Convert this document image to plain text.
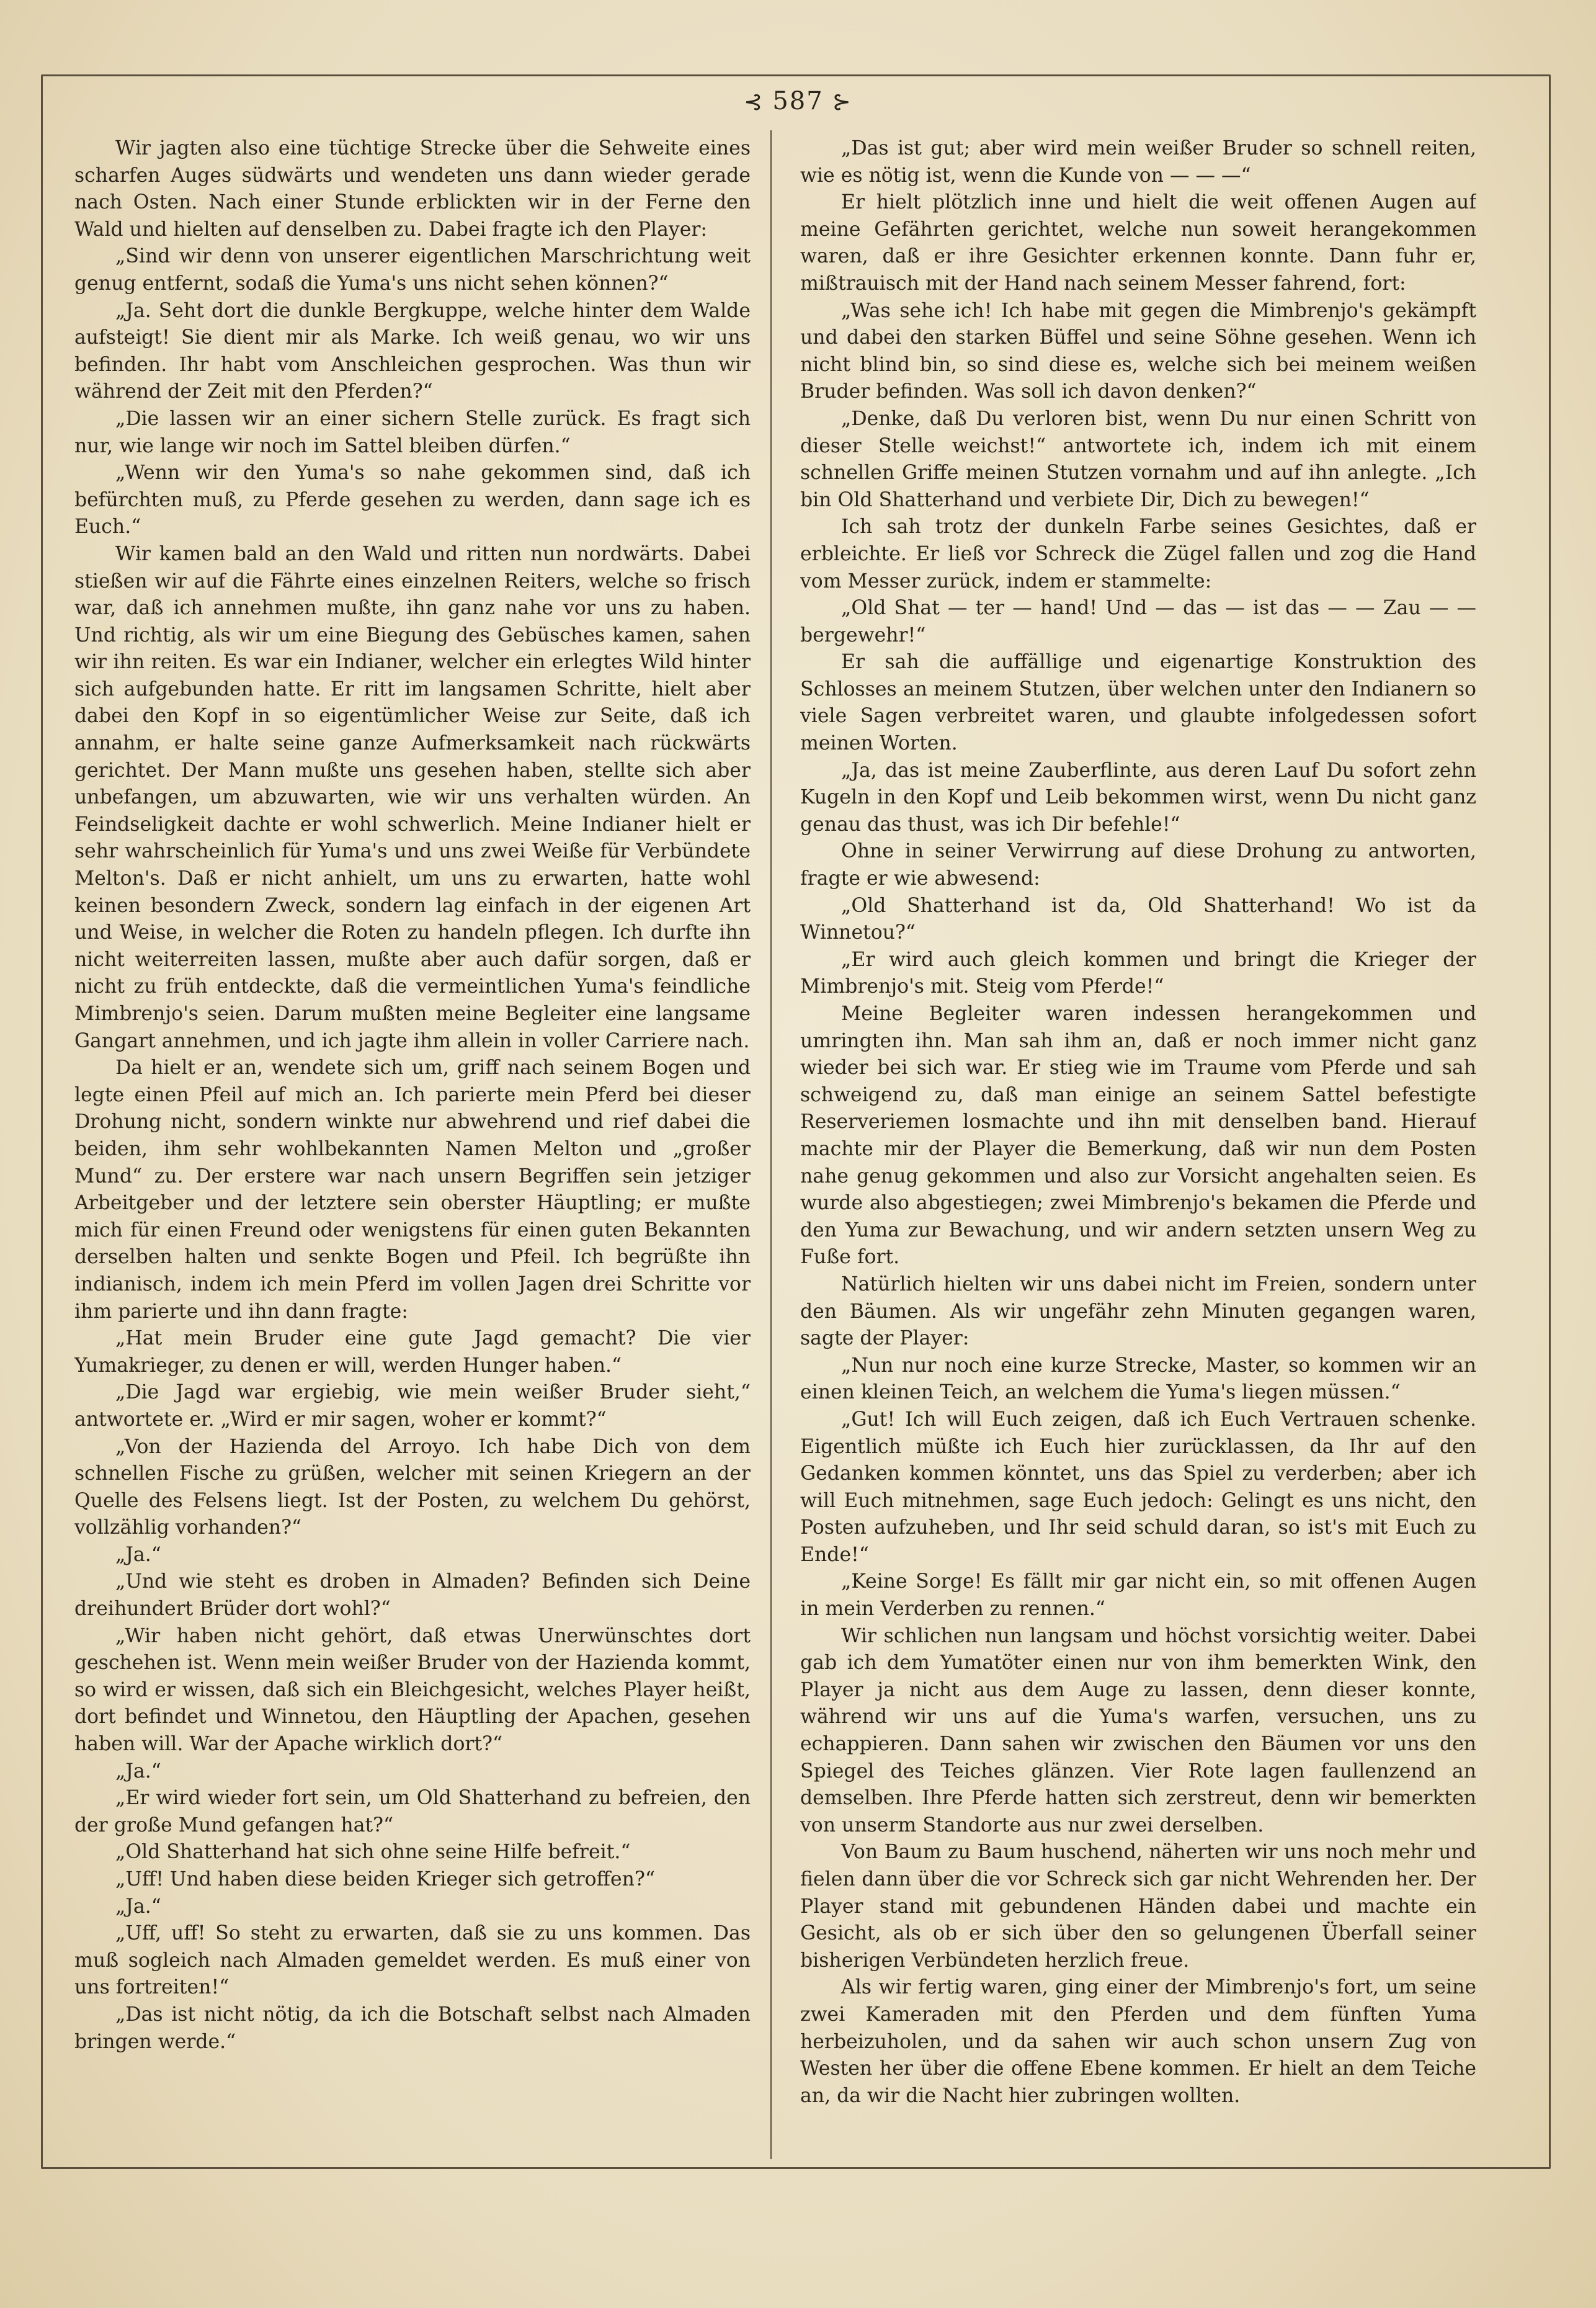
⊰ 587 ⊱

Wir jagten also eine tüchtige Strecke über die Sehweite eines scharfen Auges südwärts und wendeten uns dann wieder gerade nach Osten. Nach einer Stunde erblickten wir in der Ferne den Wald und hielten auf denselben zu. Dabei fragte ich den Player:

„Sind wir denn von unserer eigentlichen Marschrichtung weit genug entfernt, sodaß die Yuma's uns nicht sehen können?“

„Ja. Seht dort die dunkle Bergkuppe, welche hinter dem Walde aufsteigt! Sie dient mir als Marke. Ich weiß genau, wo wir uns befinden. Ihr habt vom Anschleichen gesprochen. Was thun wir während der Zeit mit den Pferden?“

„Die lassen wir an einer sichern Stelle zurück. Es fragt sich nur, wie lange wir noch im Sattel bleiben dürfen.“

„Wenn wir den Yuma's so nahe gekommen sind, daß ich befürchten muß, zu Pferde gesehen zu werden, dann sage ich es Euch.“

Wir kamen bald an den Wald und ritten nun nordwärts. Dabei stießen wir auf die Fährte eines einzelnen Reiters, welche so frisch war, daß ich annehmen mußte, ihn ganz nahe vor uns zu haben. Und richtig, als wir um eine Biegung des Gebüsches kamen, sahen wir ihn reiten. Es war ein Indianer, welcher ein erlegtes Wild hinter sich aufgebunden hatte. Er ritt im langsamen Schritte, hielt aber dabei den Kopf in so eigentümlicher Weise zur Seite, daß ich annahm, er halte seine ganze Aufmerksamkeit nach rückwärts gerichtet. Der Mann mußte uns gesehen haben, stellte sich aber unbefangen, um abzuwarten, wie wir uns verhalten würden. An Feindseligkeit dachte er wohl schwerlich. Meine Indianer hielt er sehr wahrscheinlich für Yuma's und uns zwei Weiße für Verbündete Melton's. Daß er nicht anhielt, um uns zu erwarten, hatte wohl keinen besondern Zweck, sondern lag einfach in der eigenen Art und Weise, in welcher die Roten zu handeln pflegen. Ich durfte ihn nicht weiterreiten lassen, mußte aber auch dafür sorgen, daß er nicht zu früh entdeckte, daß die vermeintlichen Yuma's feindliche Mimbrenjo's seien. Darum mußten meine Begleiter eine langsame Gangart annehmen, und ich jagte ihm allein in voller Carriere nach.

Da hielt er an, wendete sich um, griff nach seinem Bogen und legte einen Pfeil auf mich an. Ich parierte mein Pferd bei dieser Drohung nicht, sondern winkte nur abwehrend und rief dabei die beiden, ihm sehr wohlbekannten Namen Melton und „großer Mund“ zu. Der erstere war nach unsern Begriffen sein jetziger Arbeitgeber und der letztere sein oberster Häuptling; er mußte mich für einen Freund oder wenigstens für einen guten Bekannten derselben halten und senkte Bogen und Pfeil. Ich begrüßte ihn indianisch, indem ich mein Pferd im vollen Jagen drei Schritte vor ihm parierte und ihn dann fragte:

„Hat mein Bruder eine gute Jagd gemacht? Die vier Yumakrieger, zu denen er will, werden Hunger haben.“

„Die Jagd war ergiebig, wie mein weißer Bruder sieht,“ antwortete er. „Wird er mir sagen, woher er kommt?“

„Von der Hazienda del Arroyo. Ich habe Dich von dem schnellen Fische zu grüßen, welcher mit seinen Kriegern an der Quelle des Felsens liegt. Ist der Posten, zu welchem Du gehörst, vollzählig vorhanden?“

„Ja.“

„Und wie steht es droben in Almaden? Befinden sich Deine dreihundert Brüder dort wohl?“

„Wir haben nicht gehört, daß etwas Unerwünschtes dort geschehen ist. Wenn mein weißer Bruder von der Hazienda kommt, so wird er wissen, daß sich ein Bleichgesicht, welches Player heißt, dort befindet und Winnetou, den Häuptling der Apachen, gesehen haben will. War der Apache wirklich dort?“

„Ja.“

„Er wird wieder fort sein, um Old Shatterhand zu befreien, den der große Mund gefangen hat?“

„Old Shatterhand hat sich ohne seine Hilfe befreit.“

„Uff! Und haben diese beiden Krieger sich getroffen?“

„Ja.“

„Uff, uff! So steht zu erwarten, daß sie zu uns kommen. Das muß sogleich nach Almaden gemeldet werden. Es muß einer von uns fortreiten!“

„Das ist nicht nötig, da ich die Botschaft selbst nach Almaden bringen werde.“

„Das ist gut; aber wird mein weißer Bruder so schnell reiten, wie es nötig ist, wenn die Kunde von — — —“

Er hielt plötzlich inne und hielt die weit offenen Augen auf meine Gefährten gerichtet, welche nun soweit herangekommen waren, daß er ihre Gesichter erkennen konnte. Dann fuhr er, mißtrauisch mit der Hand nach seinem Messer fahrend, fort:

„Was sehe ich! Ich habe mit gegen die Mimbrenjo's gekämpft und dabei den starken Büffel und seine Söhne gesehen. Wenn ich nicht blind bin, so sind diese es, welche sich bei meinem weißen Bruder befinden. Was soll ich davon denken?“

„Denke, daß Du verloren bist, wenn Du nur einen Schritt von dieser Stelle weichst!“ antwortete ich, indem ich mit einem schnellen Griffe meinen Stutzen vornahm und auf ihn anlegte. „Ich bin Old Shatterhand und verbiete Dir, Dich zu bewegen!“

Ich sah trotz der dunkeln Farbe seines Gesichtes, daß er erbleichte. Er ließ vor Schreck die Zügel fallen und zog die Hand vom Messer zurück, indem er stammelte:

„Old Shat — ter — hand! Und — das — ist das — — Zau — — bergewehr!“

Er sah die auffällige und eigenartige Konstruktion des Schlosses an meinem Stutzen, über welchen unter den Indianern so viele Sagen verbreitet waren, und glaubte infolgedessen sofort meinen Worten.

„Ja, das ist meine Zauberflinte, aus deren Lauf Du sofort zehn Kugeln in den Kopf und Leib bekommen wirst, wenn Du nicht ganz genau das thust, was ich Dir befehle!“

Ohne in seiner Verwirrung auf diese Drohung zu antworten, fragte er wie abwesend:

„Old Shatterhand ist da, Old Shatterhand! Wo ist da Winnetou?“

„Er wird auch gleich kommen und bringt die Krieger der Mimbrenjo's mit. Steig vom Pferde!“

Meine Begleiter waren indessen herangekommen und umringten ihn. Man sah ihm an, daß er noch immer nicht ganz wieder bei sich war. Er stieg wie im Traume vom Pferde und sah schweigend zu, daß man einige an seinem Sattel befestigte Reserveriemen losmachte und ihn mit denselben band. Hierauf machte mir der Player die Bemerkung, daß wir nun dem Posten nahe genug gekommen und also zur Vorsicht angehalten seien. Es wurde also abgestiegen; zwei Mimbrenjo's bekamen die Pferde und den Yuma zur Bewachung, und wir andern setzten unsern Weg zu Fuße fort.

Natürlich hielten wir uns dabei nicht im Freien, sondern unter den Bäumen. Als wir ungefähr zehn Minuten gegangen waren, sagte der Player:

„Nun nur noch eine kurze Strecke, Master, so kommen wir an einen kleinen Teich, an welchem die Yuma's liegen müssen.“

„Gut! Ich will Euch zeigen, daß ich Euch Vertrauen schenke. Eigentlich müßte ich Euch hier zurücklassen, da Ihr auf den Gedanken kommen könntet, uns das Spiel zu verderben; aber ich will Euch mitnehmen, sage Euch jedoch: Gelingt es uns nicht, den Posten aufzuheben, und Ihr seid schuld daran, so ist's mit Euch zu Ende!“

„Keine Sorge! Es fällt mir gar nicht ein, so mit offenen Augen in mein Verderben zu rennen.“

Wir schlichen nun langsam und höchst vorsichtig weiter. Dabei gab ich dem Yumatöter einen nur von ihm bemerkten Wink, den Player ja nicht aus dem Auge zu lassen, denn dieser konnte, während wir uns auf die Yuma's warfen, versuchen, uns zu echappieren. Dann sahen wir zwischen den Bäumen vor uns den Spiegel des Teiches glänzen. Vier Rote lagen faullenzend an demselben. Ihre Pferde hatten sich zerstreut, denn wir bemerkten von unserm Standorte aus nur zwei derselben.

Von Baum zu Baum huschend, näherten wir uns noch mehr und fielen dann über die vor Schreck sich gar nicht Wehrenden her. Der Player stand mit gebundenen Händen dabei und machte ein Gesicht, als ob er sich über den so gelungenen Überfall seiner bisherigen Verbündeten herzlich freue.

Als wir fertig waren, ging einer der Mimbrenjo's fort, um seine zwei Kameraden mit den Pferden und dem fünften Yuma herbeizuholen, und da sahen wir auch schon unsern Zug von Westen her über die offene Ebene kommen. Er hielt an dem Teiche an, da wir die Nacht hier zubringen wollten.
